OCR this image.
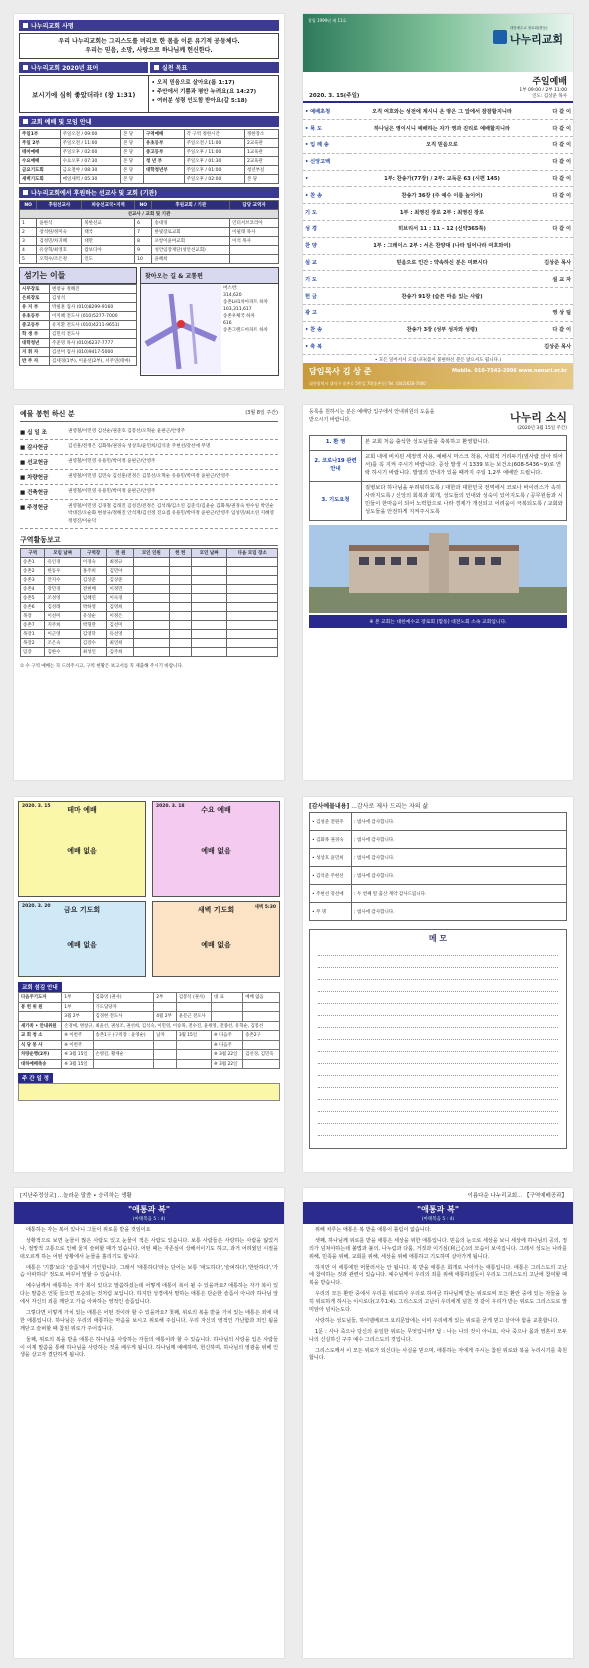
나누리교회 사명
우리 나누리교회는 그리스도를 머리로 한 몸을 이룬 유기적 공동체다.
우리는 믿음, 소망, 사랑으로 하나님께 헌신한다.
나누리교회 2020년 표어	실천 목표
보시기에 심히 좋았더라! (창 1:31)
• 오직 믿음으로 살아요(롬 1:17)
• 주안에서 기쁨과 평안 누려요(요 14:27)
• 여러분 성령 인도함 받아요(갈 5:18)
교회 예배 및 모임 안내
주일1부	주일오전 / 09:00	본 당	구역예배	각 구역 정한시간	정한장소
주일 2부	주일오전 / 11:00	본 당	유초등부	주일오전 / 11:00	2교육관
테마예배	주일오후 / 02:00	본 당	중고등부	주일오후 / 11:00	1교육관
수요예배	수요오후 / 07:30	본 당	청 년 부	주일오후 / 01:30	2교육관
금요기도회	금요철야 / 08:30	본 당	대학청년부	주일오후 / 01:00	청년부실
새벽기도회	매일새벽 / 05:30	본 당		주일오후 / 02:00	본 당
나누리교회에서 후원하는 선교사 및 교회 (기관)
NO	후원선교사	파송선교국•지역	NO	후원교회 / 기관	담당 교역자
선교사 / 교회 및 기관					
1	윤한식	북한선교	6	송대경	인터서브코리아
2	장석한/정미숙	태국	7	한빛장로교회	이필래 목사
3	김성민/차귀혜	대만	8	포항이윤여교회	이석 목사
4	유상혁/최영호	캄보디아	9	성안임장재단(성안선교회)	
5	오혁수/조은정	인도	10	윤혜희	
섬기는 이들
시무장로	변창규 정해진
은퇴장로	김성석
유 지 부	박필훈 집사 (010)8299-9160
유초등부	이지혜 전도사 (010)5277-7000
중고등부	유지환 전도사 (010)4211-9651)
학 생 부	김민석 전도사
대학청년	주준영 목사 (010)6237-7777
지 휘 자	김선미 집사 (010)9417-5000
반 주 자	김세경(1부), 이윤선(2부), 서주연(테마)
찾아오는 길 & 교통편
버스번:
314,620
송촌LH1차아파트 하차
103,311,617
송촌우체국 하차
616
송촌그랜드아파트 하차
창립 1999년 제 11호
대한예수교 장로회(합동)
나누리교회
2020. 3. 15(주일)
주일예배
1부 09:00 / 2부 11:00
인도: 김상준 목사
• 예배초청	오직 여호와는 성전에 계시니 온 땅은 그 앞에서 잠잠할지니라	다 같 이
• 묵 도	하나님은 영이시니 예배하는 자가 영과 진리로 예배할지니라	다 같 이
• 입 례 송	오직 믿음으로	다 같 이
• 신앙고백		다 같 이
•	1부: 찬송가(77장) / 2부: 교독문 63 (시편 145)	다 같 이
• 찬 송	찬송가 36장 (주 예수 이름 높이어)	다 같 이
기 도	1부 : 최영진 장로 2부 : 최영진 장로	
성 경	히브리서 11 : 11 – 12 (신약365쪽)	다 같 이
찬 양	1부 : 그레이스 2부 : 서은 찬양대 (나라 일어나라 여호와여)	
설 교	믿음으로 인간 : 약속하신 분은 미쁘시다	김상준 목사
기 도		설 교 자
헌 금	찬송가 91장 (슬픈 마음 있는 사람)	
광 고		영 상 팀
• 찬 송	찬송가 3장 (성부 성자와 성령)	다 같 이
• 축 복		김상준 목사
• 모든 일어서서 드립니다(몸이 불편하신 분은 앉으셔도 됩니다.)
담임목사 김 상 준	Mobile. 010-7542-2006 www.nanuri.or.kr
대전광역시 대덕구 송촌로 5번길 70(송촌동) Tel. (042)628-7000
예물 봉헌 하신 분	(3월 8일 주간)
■ 십 일 조	권영철/이민영 김선순/권준호 김봉선/오혁순 윤판근/안영주
■ 감사헌금	김선훈/전정은 김화목/권경숙 성상호/윤민희/김석준 주현선/강선애 무명
■ 선교헌금	권영철/이민영 유용민/박미정 윤판근/안영주
■ 차량헌금	권영철/이민영 김민숙 김선훈/전정은 김봉선/오혁순 유용민/박미정 윤판근/안영주
■ 건축헌금	권영철/이민영 유용민/박미정 윤판근/안영주
■ 주정헌금	권영철/이민영 김경철 김래진 김성진/전정은 김석래/김소연 김준식/김윤순 김화목/권경숙 한수일 박연순 박대진/오순화 변창규/정해진 안석재/김선정 진요셉 유용민/박미정 윤판근/안영주 임성민/최소연 지혜영 정영진/이순덕
구역활동보고
구역	모임 날짜	구역장	전 원	모인 인원	헌 헌	모인 날짜	다음 모임 장소
송촌1	유인경	이경숙	최정규				
송촌2	한동우	홍주희	김민아				
송촌3	안지수	김상준	김상준				
송촌4	강민경	전현배	이정민				
송촌5	조성영	임혜연	이숙경				
송촌6	김성래	박하영	김영희				
목장	이선미	유상순	이정은				
송촌7	지주희	박형란	김선미				
목장1	이근영	김영학	유선영				
목장2	조은숙	김강수	최연희				
임장	김한수	최성인	김주희				
① 수 구역 예배는 꼭 드려주시고, 구역 현황은 보고서를 꼭 제출해 주시기 바랍니다.
등록을 원하시는 분은 예배당 입구에서 안내위원의 도움을 받으시기 바랍니다.	나누리 소식
(2020년 3월 15일 주간)
1. 환 영	본 교회 처음 출석한 성도님들을 축복하고 환영합니다.
2. 코로나19 관련 안내	교회 내에 비치된 세정액 사용, 예배시 마스크 착용, 사회적 거리두기(옆사람 앉아 띄어서)를 꼭 지켜 주시기 바랍니다. 증상 발생 시 1339 또는 보건소(608-5436~9)로 연락 하시기 바랍니다. 발열의 안내가 있을 때까지 주일 1,2부 예배만 드립니다.
3. 기도요청	질병보다 하나님을 두려워하도록 / 대한과 대한민국 전역에서 코로나 바이러스가 속히 사라지도록 / 신앙의 회복과 회개, 성도들의 인내와 성숙이 있어지도록 / 공무원들과 시민들이 한마음이 되어 노력함으로 나라 경제가 개선되고 어려움이 극복되도록 / 교회와 성도들을 안전하게 지켜주시도록
※ 본 교회는 대한예수교 장로회 (합동) 대전노회 소속 교회입니다.
2020. 3. 15	테마 예배
예배 없음
2020. 3. 18	수요 예배
예배 없음
2020. 3. 20	금요 기도회
예배 없음
새벽 5:30
새벽 기도회
예배 없음
교회 섬김 안내
다음주기도자	1부	김화영 (권사)	2부	김봉석 (권사)	대 표	예배 없음
봉 헌 위 원	1부	기도담당자				
	3월 2부	김경현 전도사	4월 2부	윤문근 전도사		
새가족 • 안내위원	손경애, 변창규, 최윤선, 권성조, 권선희, 김석숙, 이민영, 이승목, 전수진, 윤세영, 전종선, 유혁순, 김봉선					
교 회 청 소	※ 이번주	송촌1구 (구역장 : 윤영순)	남자	3월 15일	※ 다음주	송촌2구
식 당 봉 사	※ 이번주				※ 다음주	
차량운행(2부)	※ 3월 15일	손병길, 황재순			※ 3월 22일	김선경, 김민욱
대하예배축송	※ 3월 15일				※ 3월 22일	
주 간 일 정
[감사예물내용] ...감사로 제사 드리는 자의 삶
• 김성준 전원주	: 범사에 감사합니다.
• 김화목 권경숙	: 범사에 감사합니다.
• 성상호 윤민희	: 범사에 감사합니다.
• 김석준 주현선	: 범사에 감사합니다.
• 주현선 강선애	: 두 번째 딸 출산 계약 감사드립니다.
• 무 명	: 범사에 감사합니다.
메 모
[지난주정상교] ...놀라운 말씀 • 승리하는 생활
"애통과 복"
(마태복음 5 : 4)

애통하는 자는 복이 있나니 그들이 위로를 받을 것임이요

상황적으로 보면 눈물이 많은 사람도 있고 눈물이 적은 사람도 있습니다. 보통 사람들은 사랑하는 사람을 잃었거나, 절망적 고통으로 인해 울지 슬퍼할 때가 있습니다. 어떤 때는 자존심이 상해서이기도 하고, 과거 어려웠던 시절을 떠오르게 하는 어떤 상황에서 눈물을 흘리기도 합니다.

애통은 '기쁨'보다 '슬픔'에서 기인합니다. 그래서 '애통하다'라는 단어는 보통 '애도하다','슬퍼하다','한탄하다','가슴 아파하다' 정도로 바꾸어 말할 수 있습니다.

예수님께서 애통하는 자가 복이 있다고 말씀하셨는데 어떻게 애통이 복이 될 수 있을까요? 애통하는 자가 복이 있다는 말씀은 언뜻 들으면 모순되는 것처럼 보입니다. 하지만 성경에서 말하는 애통은 단순한 슬픔이 아니라 하나님 앞에서 자신의 죄를 깨닫고 가슴 아파하는 영적인 슬픔입니다.

그렇다면 이렇게 가치 있는 애통은 어떤 것이라 할 수 있을까요? 첫째, 위로의 복을 받을 가치 있는 애통은 죄에 대한 애통입니다. 하나님은 우리의 애통하는 마음을 보시고 위로해 주십니다. 우리 자신의 영적인 가난함과 죄인 됨을 깨닫고 슬퍼할 때 참된 위로가 주어집니다.

둘째, 위로의 복을 받을 애통은 하나님을 사랑하는 자들의 애통이라 할 수 있습니다. 하나님의 사랑을 입은 사람들이 이제 말씀을 통해 하나님을 사랑하는 것을 배우게 됩니다. 하나님께 예배하며, 헌신하며, 하나님의 영광을 위해 인생을 살고자 결단하게 됩니다.

이름다운 나누리교회... 【구역예배공과】
"애통과 복"
(마태복음 5 : 4)

위해 치루는 애통은 복 받을 애통이 틀림이 없습니다.

셋째, 하나님께 위로를 받을 애통은 세상을 위한 애통입니다. 믿음의 눈으로 세상을 보니 세상에 하나님의 공의, 정의가 넘쳐야하는데 불법과 불의, 나누림과 다툼, 거짓과 이기심(利己心)의 모습이 보여집니다. 그래서 성도는 나라를 위해, 민족을 위해, 교회를 위해, 세상을 위해 애통하고 기도하며 살아가게 됩니다.

하지만 이 애통에만 머물러서는 안 됩니다. 복 받을 애통은 회개로 나아가는 애통입니다. 애통은 그리스도의 고난에 참여하는 것과 관련이 있습니다. 예수님께서 우리의 죄를 위해 애통하셨듯이 우리도 그리스도의 고난에 참여할 때 복을 받습니다.

우리의 모든 환란 중에서 우리를 위로하사 우리로 하여금 하나님께 받는 위로로써 모든 환란 중에 있는 자들을 능히 위로하게 하시는 이시로다(고후1:4). 그리스도의 고난이 우리에게 넘친 것 같이 우리가 받는 위로도 그리스도로 말미암아 넘치는도다.

사랑하는 성도님들, 하이델베르크 요리문답에는 이미 우리에게 있는 위로를 굳게 믿고 살아야 함을 교훈합니다.

1문 : 사나 죽으나 당신의 유일한 위로는 무엇입니까? 답 : 나는 나의 것이 아니요, 사나 죽으나 몸과 영혼이 모두 나의 신실하신 구주 예수 그리스도의 것입니다.

그리스도께서 이 모든 위로가 되신다는 사실을 믿으며, 애통하는 자에게 주시는 참된 위로와 복을 누리시기를 축원합니다.
